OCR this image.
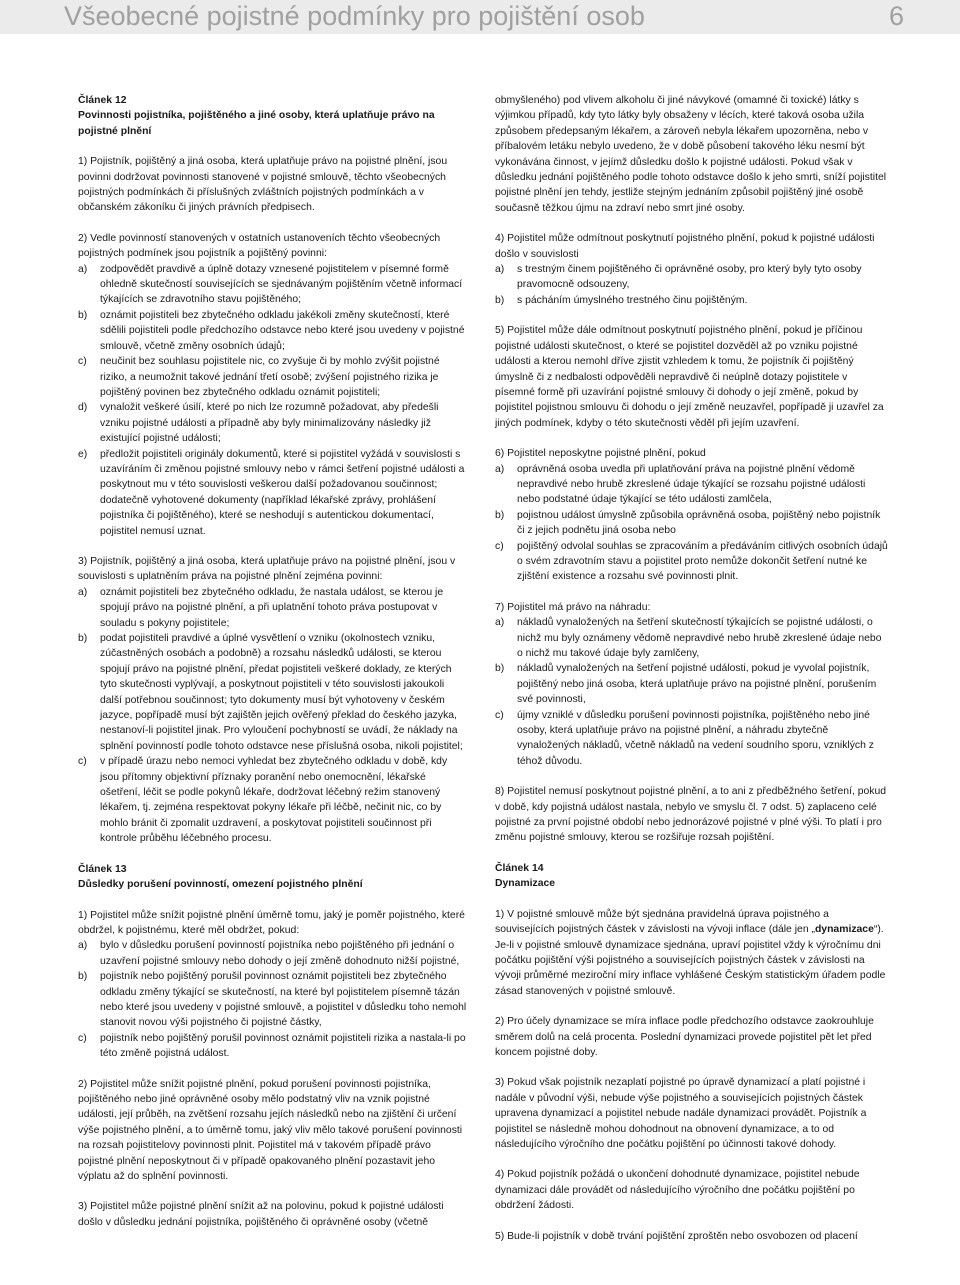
Všeobecné pojistné podmínky pro pojištění osob	6

Článek 12

Povinnosti pojistníka, pojištěného a jiné osoby, která uplatňuje právo na pojistné plnění

1) Pojistník, pojištěný a jiná osoba, která uplatňuje právo na pojistné plnění, jsou povinni dodržovat povinnosti stanovené v pojistné smlouvě, těchto všeobecných pojistných podmínkách či příslušných zvláštních pojistných podmínkách a v občanském zákoníku či jiných právních předpisech.

2) Vedle povinností stanovených v ostatních ustanoveních těchto všeobecných pojistných podmínek jsou pojistník a pojištěný povinni:

a)	zodpovědět pravdivě a úplně dotazy vznesené pojistitelem v písemné formě ohledně skutečností souvisejících se sjednávaným pojištěním včetně informací týkajících se zdravotního stavu pojištěného;
b)	oznámit pojistiteli bez zbytečného odkladu jakékoli změny skutečností, které sdělili pojistiteli podle předchozího odstavce nebo které jsou uvedeny v pojistné smlouvě, včetně změny osobních údajů;
c)	neučinit bez souhlasu pojistitele nic, co zvyšuje či by mohlo zvýšit pojistné riziko, a neumožnit takové jednání třetí osobě; zvýšení pojistného rizika je pojištěný povinen bez zbytečného odkladu oznámit pojistiteli;
d)	vynaložit veškeré úsilí, které po nich lze rozumně požadovat, aby předešli vzniku pojistné události a případně aby byly minimalizovány následky již existující pojistné události;
e)	předložit pojistiteli originály dokumentů, které si pojistitel vyžádá v souvislosti s uzavíráním či změnou pojistné smlouvy nebo v rámci šetření pojistné události a poskytnout mu v této souvislosti veškerou další požadovanou součinnost; dodatečně vyhotovené dokumenty (například lékařské zprávy, prohlášení pojistníka či pojištěného), které se neshodují s autentickou dokumentací, pojistitel nemusí uznat.

3) Pojistník, pojištěný a jiná osoba, která uplatňuje právo na pojistné plnění, jsou v souvislosti s uplatněním práva na pojistné plnění zejména povinni:

a)	oznámit pojistiteli bez zbytečného odkladu, že nastala událost, se kterou je spojují právo na pojistné plnění, a při uplatnění tohoto práva postupovat v souladu s pokyny pojistitele;
b)	podat pojistiteli pravdivé a úplné vysvětlení o vzniku (okolnostech vzniku, zúčastněných osobách a podobně) a rozsahu následků události, se kterou spojují právo na pojistné plnění, předat pojistiteli veškeré doklady, ze kterých tyto skutečnosti vyplývají, a poskytnout pojistiteli v této souvislosti jakoukoli další potřebnou součinnost; tyto dokumenty musí být vyhotoveny v českém jazyce, popřípadě musí být zajištěn jejich ověřený překlad do českého jazyka, nestanoví-li pojistitel jinak. Pro vyloučení pochybností se uvádí, že náklady na splnění povinností podle tohoto odstavce nese příslušná osoba, nikoli pojistitel;
c)	v případě úrazu nebo nemoci vyhledat bez zbytečného odkladu v době, kdy jsou přítomny objektivní příznaky poranění nebo onemocnění, lékařské ošetření, léčit se podle pokynů lékaře, dodržovat léčebný režim stanovený lékařem, tj. zejména respektovat pokyny lékaře při léčbě, nečinit nic, co by mohlo bránit či zpomalit uzdravení, a poskytovat pojistiteli součinnost při kontrole průběhu léčebného procesu.

Článek 13

Důsledky porušení povinností, omezení pojistného plnění

1) Pojistitel může snížit pojistné plnění úměrně tomu, jaký je poměr pojistného, které obdržel, k pojistnému, které měl obdržet, pokud:

a)	bylo v důsledku porušení povinností pojistníka nebo pojištěného při jednání o uzavření pojistné smlouvy nebo dohody o její změně dohodnuto nižší pojistné,
b)	pojistník nebo pojištěný porušil povinnost oznámit pojistiteli bez zbytečného odkladu změny týkající se skutečností, na které byl pojistitelem písemně tázán nebo které jsou uvedeny v pojistné smlouvě, a pojistitel v důsledku toho nemohl stanovit novou výši pojistného či pojistné částky,
c)	pojistník nebo pojištěný porušil povinnost oznámit pojistiteli rizika a nastala-li po této změně pojistná událost.

2) Pojistitel může snížit pojistné plnění, pokud porušení povinnosti pojistníka, pojištěného nebo jiné oprávněné osoby mělo podstatný vliv na vznik pojistné události, její průběh, na zvětšení rozsahu jejích následků nebo na zjištění či určení výše pojistného plnění, a to úměrně tomu, jaký vliv mělo takové porušení povinnosti na rozsah pojistitelovy povinnosti plnit. Pojistitel má v takovém případě právo pojistné plnění neposkytnout či v případě opakovaného plnění pozastavit jeho výplatu až do splnění povinnosti.

3) Pojistitel může pojistné plnění snížit až na polovinu, pokud k pojistné události došlo v důsledku jednání pojistníka, pojištěného či oprávněné osoby (včetně

obmyšleného) pod vlivem alkoholu či jiné návykové (omamné či toxické) látky s výjimkou případů, kdy tyto látky byly obsaženy v lécích, které taková osoba užila způsobem předepsaným lékařem, a zároveň nebyla lékařem upozorněna, nebo v příbalovém letáku nebylo uvedeno, že v době působení takového léku nesmí být vykonávána činnost, v jejímž důsledku došlo k pojistné události. Pokud však v důsledku jednání pojištěného podle tohoto odstavce došlo k jeho smrti, sníží pojistitel pojistné plnění jen tehdy, jestliže stejným jednáním způsobil pojištěný jiné osobě současně těžkou újmu na zdraví nebo smrt jiné osoby.

4) Pojistitel může odmítnout poskytnutí pojistného plnění, pokud k pojistné události došlo v souvislosti

a)	s trestným činem pojištěného či oprávněné osoby, pro který byly tyto osoby pravomocně odsouzeny,
b)	s pácháním úmyslného trestného činu pojištěným.

5) Pojistitel může dále odmítnout poskytnutí pojistného plnění, pokud je příčinou pojistné události skutečnost, o které se pojistitel dozvěděl až po vzniku pojistné události a kterou nemohl dříve zjistit vzhledem k tomu, že pojistník či pojištěný úmyslně či z nedbalosti odpověděli nepravdivě či neúplně dotazy pojistitele v písemné formě při uzavírání pojistné smlouvy či dohody o její změně, pokud by pojistitel pojistnou smlouvu či dohodu o její změně neuzavřel, popřípadě ji uzavřel za jiných podmínek, kdyby o této skutečnosti věděl při jejím uzavření.

6) Pojistitel neposkytne pojistné plnění, pokud

a)	oprávněná osoba uvedla při uplatňování práva na pojistné plnění vědomě nepravdivé nebo hrubě zkreslené údaje týkající se rozsahu pojistné události nebo podstatné údaje týkající se této události zamlčela,
b)	pojistnou událost úmyslně způsobila oprávněná osoba, pojištěný nebo pojistník či z jejich podnětu jiná osoba nebo
c)	pojištěný odvolal souhlas se zpracováním a předáváním citlivých osobních údajů o svém zdravotním stavu a pojistitel proto nemůže dokončit šetření nutné ke zjištění existence a rozsahu své povinnosti plnit.

7) Pojistitel má právo na náhradu:

a)	nákladů vynaložených na šetření skutečností týkajících se pojistné události, o nichž mu byly oznámeny vědomě nepravdivé nebo hrubě zkreslené údaje nebo o nichž mu takové údaje byly zamlčeny,
b)	nákladů vynaložených na šetření pojistné události, pokud je vyvolal pojistník, pojištěný nebo jiná osoba, která uplatňuje právo na pojistné plnění, porušením své povinnosti,
c)	újmy vzniklé v důsledku porušení povinnosti pojistníka, pojištěného nebo jiné osoby, která uplatňuje právo na pojistné plnění, a náhradu zbytečně vynaložených nákladů, včetně nákladů na vedení soudního sporu, vzniklých z téhož důvodu.

8) Pojistitel nemusí poskytnout pojistné plnění, a to ani z předběžného šetření, pokud v době, kdy pojistná událost nastala, nebylo ve smyslu čl. 7 odst. 5) zaplaceno celé pojistné za první pojistné období nebo jednorázové pojistné v plné výši. To platí i pro změnu pojistné smlouvy, kterou se rozšiřuje rozsah pojištění.

Článek 14

Dynamizace

1) V pojistné smlouvě může být sjednána pravidelná úprava pojistného a souvisejících pojistných částek v závislosti na vývoji inflace (dále jen „dynamizace“). Je-li v pojistné smlouvě dynamizace sjednána, upraví pojistitel vždy k výročnímu dni počátku pojištění výši pojistného a souvisejících pojistných částek v závislosti na vývoji průměrné meziroční míry inflace vyhlášené Českým statistickým úřadem podle zásad stanovených v pojistné smlouvě.

2) Pro účely dynamizace se míra inflace podle předchozího odstavce zaokrouhluje směrem dolů na celá procenta. Poslední dynamizaci provede pojistitel pět let před koncem pojistné doby.

3) Pokud však pojistník nezaplatí pojistné po úpravě dynamizací a platí pojistné i nadále v původní výši, nebude výše pojistného a souvisejících pojistných částek upravena dynamizací a pojistitel nebude nadále dynamizaci provádět. Pojistník a pojistitel se následně mohou dohodnout na obnovení dynamizace, a to od následujícího výročního dne počátku pojištění po účinnosti takové dohody.

4) Pokud pojistník požádá o ukončení dohodnuté dynamizace, pojistitel nebude dynamizaci dále provádět od následujícího výročního dne počátku pojištění po obdržení žádosti.

5) Bude-li pojistník v době trvání pojištění zproštěn nebo osvobozen od placení
